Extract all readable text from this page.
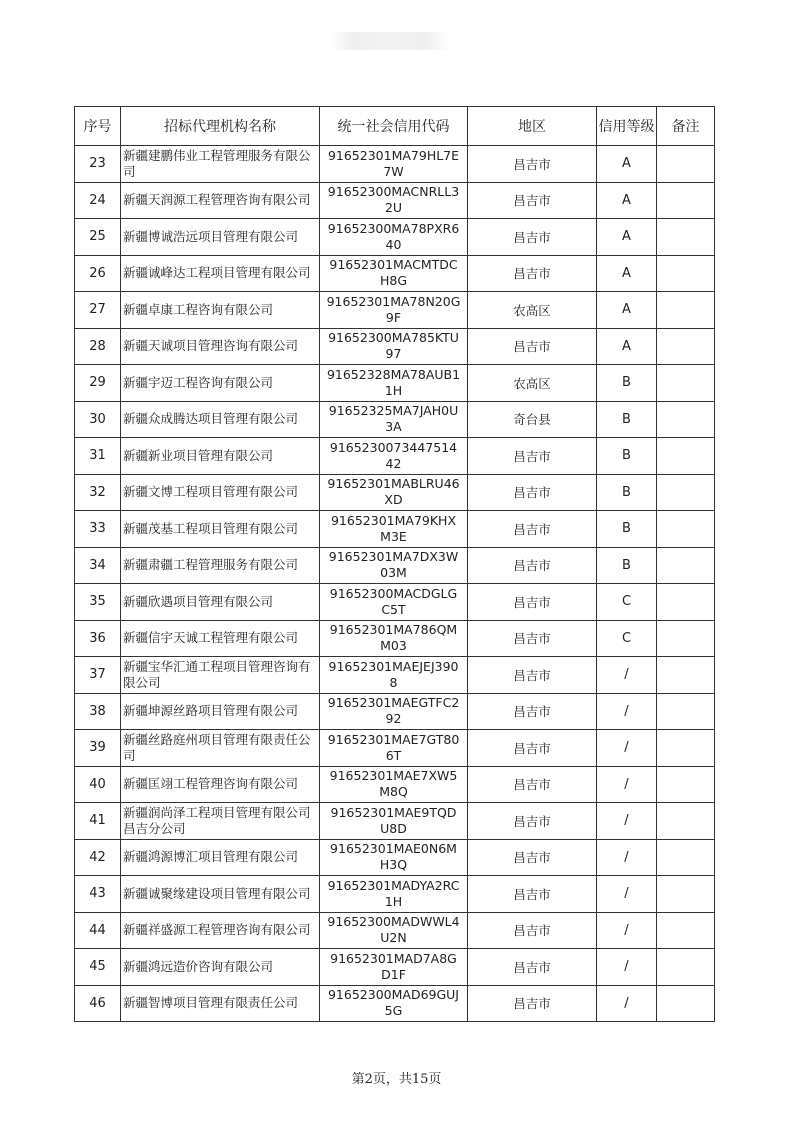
序号	招标代理机构名称	统一社会信用代码	地区	信用等级	备注
23	新疆建鹏伟业工程管理服务有限公司	91652301MA79HL7E7W	昌吉市	A	
24	新疆天润源工程管理咨询有限公司	91652300MACNRLL32U	昌吉市	A	
25	新疆博诚浩远项目管理有限公司	91652300MA78PXR640	昌吉市	A	
26	新疆诚峰达工程项目管理有限公司	91652301MACMTDCH8G	昌吉市	A	
27	新疆卓康工程咨询有限公司	91652301MA78N20G9F	农高区	A	
28	新疆天诚项目管理咨询有限公司	91652300MA785KTU97	昌吉市	A	
29	新疆宇迈工程咨询有限公司	91652328MA78AUB11H	农高区	B	
30	新疆众成腾达项目管理有限公司	91652325MA7JAH0U3A	奇台县	B	
31	新疆新业项目管理有限公司	916523007344751442	昌吉市	B	
32	新疆文博工程项目管理有限公司	91652301MABLRU46XD	昌吉市	B	
33	新疆茂基工程项目管理有限公司	91652301MA79KHXM3E	昌吉市	B	
34	新疆肃疆工程管理服务有限公司	91652301MA7DX3W03M	昌吉市	B	
35	新疆欣遇项目管理有限公司	91652300MACDGLGC5T	昌吉市	C	
36	新疆信宇天诚工程管理有限公司	91652301MA786QMM03	昌吉市	C	
37	新疆宝华汇通工程项目管理咨询有限公司	91652301MAEJEJ3908	昌吉市	/	
38	新疆坤源丝路项目管理有限公司	91652301MAEGTFC292	昌吉市	/	
39	新疆丝路庭州项目管理有限责任公司	91652301MAE7GT806T	昌吉市	/	
40	新疆匡翊工程管理咨询有限公司	91652301MAE7XW5M8Q	昌吉市	/	
41	新疆润尚泽工程项目管理有限公司昌吉分公司	91652301MAE9TQDU8D	昌吉市	/	
42	新疆鸿源博汇项目管理有限公司	91652301MAE0N6MH3Q	昌吉市	/	
43	新疆诚聚缘建设项目管理有限公司	91652301MADYA2RC1H	昌吉市	/	
44	新疆祥盛源工程管理咨询有限公司	91652300MADWWL4U2N	昌吉市	/	
45	新疆鸿远造价咨询有限公司	91652301MAD7A8GD1F	昌吉市	/	
46	新疆智博项目管理有限责任公司	91652300MAD69GUJ5G	昌吉市	/	
第2页，共15页
